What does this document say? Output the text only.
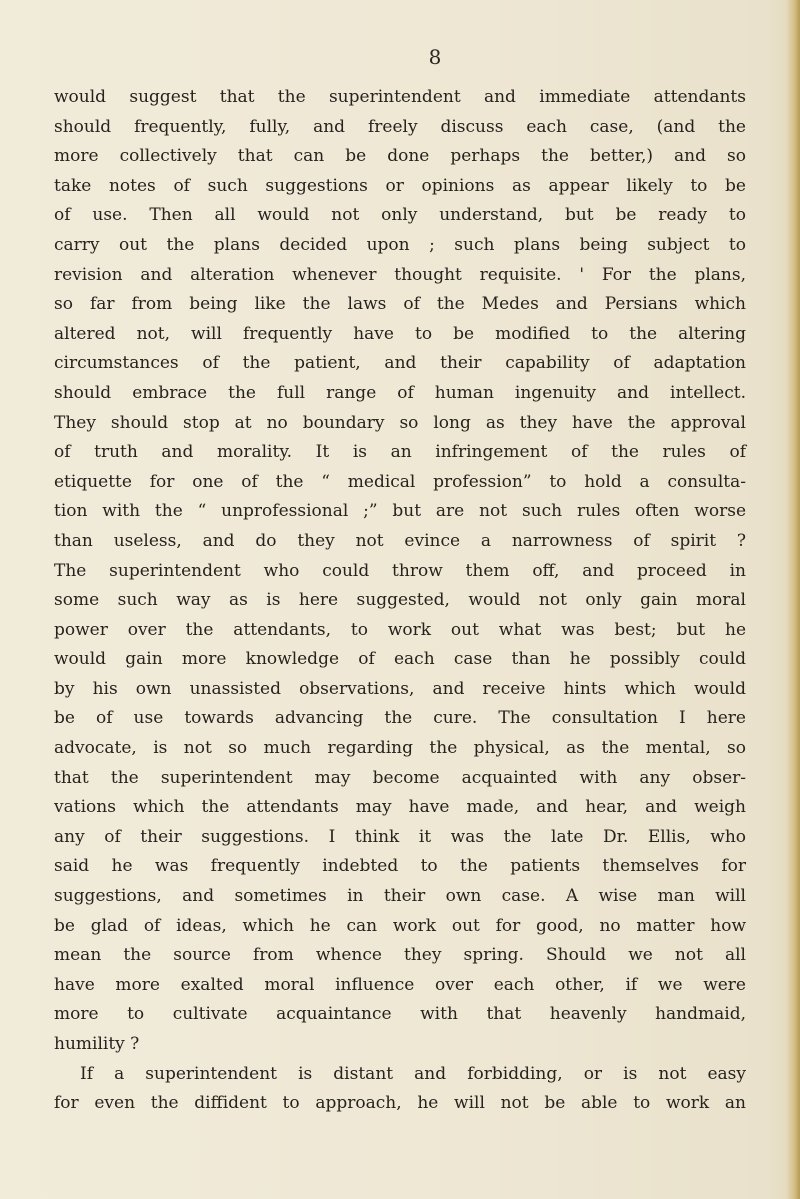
8
would suggest that the superintendent and immediate attendants
should frequently, fully, and freely discuss each case, (and the
more collectively that can be done perhaps the better,) and so
take notes of such suggestions or opinions as appear likely to be
of use. Then all would not only understand, but be ready to
carry out the plans decided upon ; such plans being subject to
revision and alteration whenever thought requisite. ' For the plans,
so far from being like the laws of the Medes and Persians which
altered not, will frequently have to be modified to the altering
circumstances of the patient, and their capability of adaptation
should embrace the full range of human ingenuity and intellect.
They should stop at no boundary so long as they have the approval
of truth and morality. It is an infringement of the rules of
etiquette for one of the “ medical profession” to hold a consulta-
tion with the “ unprofessional ;” but are not such rules often worse
than useless, and do they not evince a narrowness of spirit ?
The superintendent who could throw them off, and proceed in
some such way as is here suggested, would not only gain moral
power over the attendants, to work out what was best; but he
would gain more knowledge of each case than he possibly could
by his own unassisted observations, and receive hints which would
be of use towards advancing the cure. The consultation I here
advocate, is not so much regarding the physical, as the mental, so
that the superintendent may become acquainted with any obser-
vations which the attendants may have made, and hear, and weigh
any of their suggestions. I think it was the late Dr. Ellis, who
said he was frequently indebted to the patients themselves for
suggestions, and sometimes in their own case. A wise man will
be glad of ideas, which he can work out for good, no matter how
mean the source from whence they spring. Should we not all
have more exalted moral influence over each other, if we were
more to cultivate acquaintance with that heavenly handmaid,
humility ?
If a superintendent is distant and forbidding, or is not easy
for even the diffident to approach, he will not be able to work an
